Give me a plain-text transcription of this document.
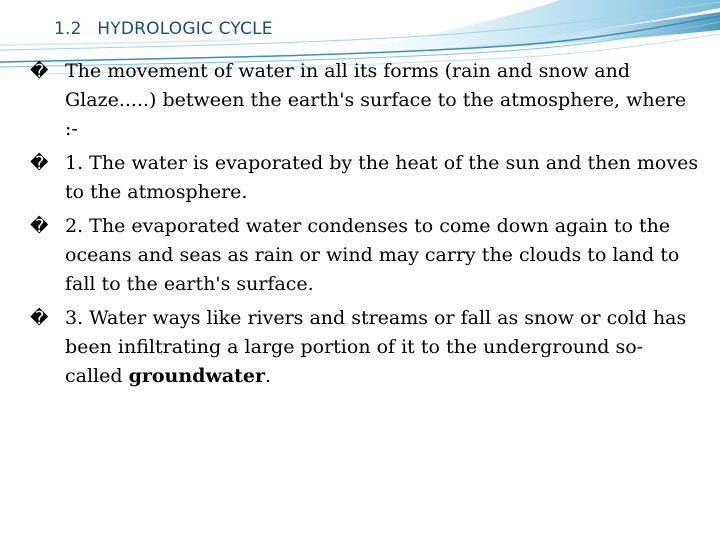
1.2 HYDROLOGIC CYCLE
� The movement of water in all its forms (rain and snow and Glaze.....) between the earth's surface to the atmosphere, where :-
� 1. The water is evaporated by the heat of the sun and then moves to the atmosphere.
� 2. The evaporated water condenses to come down again to the oceans and seas as rain or wind may carry the clouds to land to fall to the earth's surface.
� 3. Water ways like rivers and streams or fall as snow or cold has been infiltrating a large portion of it to the underground so-called groundwater.
